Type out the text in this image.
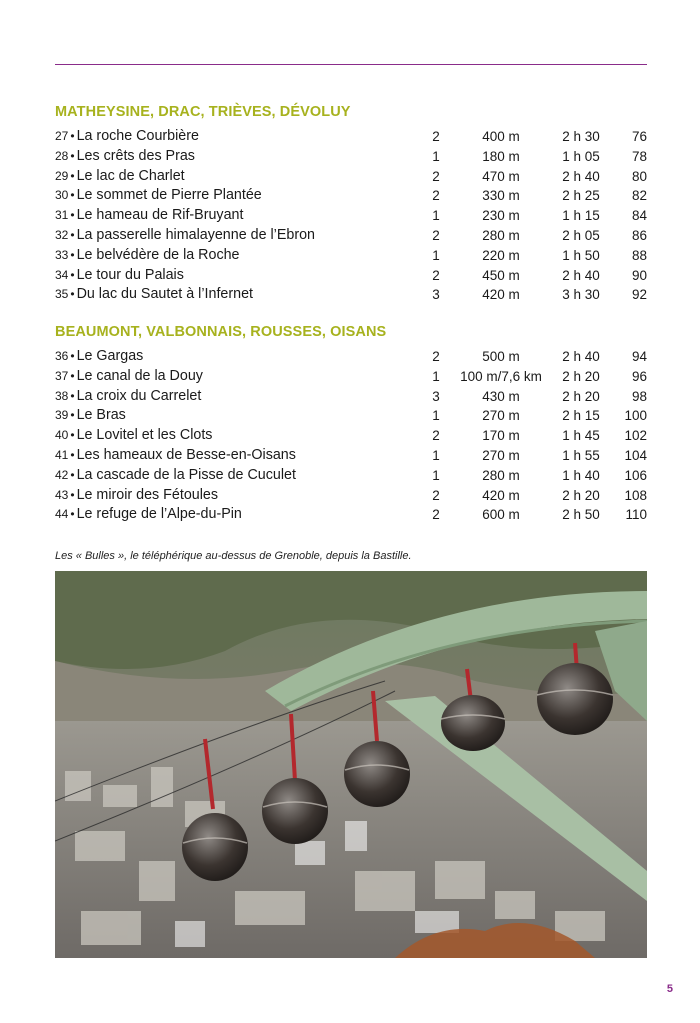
MATHEYSINE, DRAC, TRIÈVES, DÉVOLUY
27 • La roche Courbière	2	400 m	2 h 30	76
28 • Les crêts des Pras	1	180 m	1 h 05	78
29 • Le lac de Charlet	2	470 m	2 h 40	80
30 • Le sommet de Pierre Plantée	2	330 m	2 h 25	82
31 • Le hameau de Rif-Bruyant	1	230 m	1 h 15	84
32 • La passerelle himalayenne de l’Ebron	2	280 m	2 h 05	86
33 • Le belvédère de la Roche	1	220 m	1 h 50	88
34 • Le tour du Palais	2	450 m	2 h 40	90
35 • Du lac du Sautet à l’Infernet	3	420 m	3 h 30	92
BEAUMONT, VALBONNAIS, ROUSSES, OISANS
36 • Le Gargas	2	500 m	2 h 40	94
37 • Le canal de la Douy	1	100 m/7,6 km	2 h 20	96
38 • La croix du Carrelet	3	430 m	2 h 20	98
39 • Le Bras	1	270 m	2 h 15	100
40 • Le Lovitel et les Clots	2	170 m	1 h 45	102
41 • Les hameaux de Besse-en-Oisans	1	270 m	1 h 55	104
42 • La cascade de la Pisse de Cuculet	1	280 m	1 h 40	106
43 • Le miroir des Fétoules	2	420 m	2 h 20	108
44 • Le refuge de l’Alpe-du-Pin	2	600 m	2 h 50	110
Les « Bulles », le téléphérique au-dessus de Grenoble, depuis la Bastille.
5
